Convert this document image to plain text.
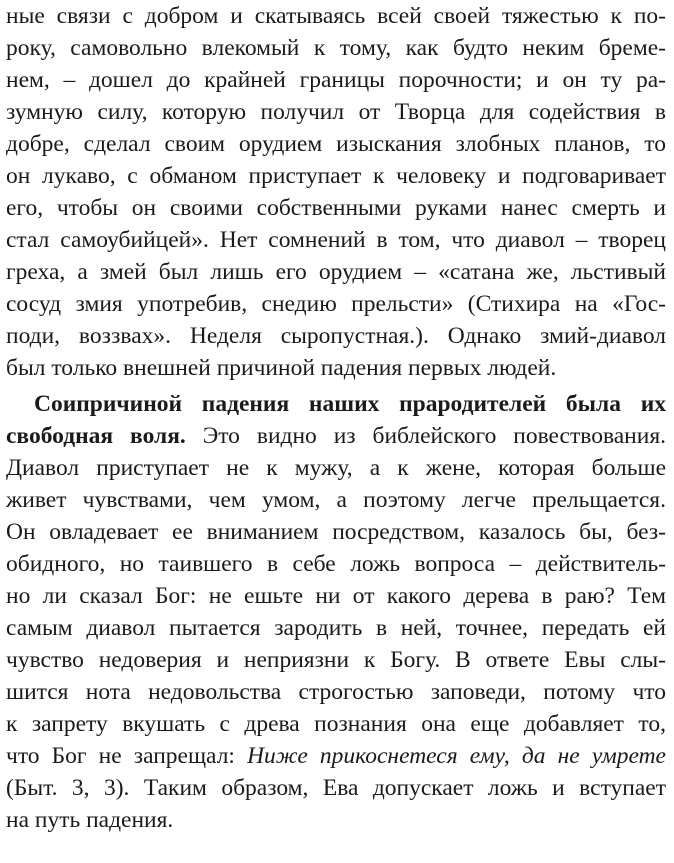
ные связи с добром и скатываясь всей своей тяжестью к по-
року, самовольно влекомый к тому, как будто неким бреме-
нем, – дошел до крайней границы порочности; и он ту ра-
зумную силу, которую получил от Творца для содействия в
добре, сделал своим орудием изыскания злобных планов, то
он лукаво, с обманом приступает к человеку и подговаривает
его, чтобы он своими собственными руками нанес смерть и
стал самоубийцей». Нет сомнений в том, что диавол – творец
греха, а змей был лишь его орудием – «сатана же, льстивый
сосуд змия употребив, снедию прельсти» (Стихира на «Гос-
поди, воззвах». Неделя сыропустная.). Однако змий-диавол
был только внешней причиной падения первых людей.
Соипричиной падения наших прародителей была их
свободная воля. Это видно из библейского повествования.
Диавол приступает не к мужу, а к жене, которая больше
живет чувствами, чем умом, а поэтому легче прельщается.
Он овладевает ее вниманием посредством, казалось бы, без-
обидного, но таившего в себе ложь вопроса – действитель-
но ли сказал Бог: не ешьте ни от какого дерева в раю? Тем
самым диавол пытается зародить в ней, точнее, передать ей
чувство недоверия и неприязни к Богу. В ответе Евы слы-
шится нота недовольства строгостью заповеди, потому что
к запрету вкушать с древа познания она еще добавляет то,
что Бог не запрещал: Ниже прикоснетеся ему, да не умрете
(Быт. 3, 3). Таким образом, Ева допускает ложь и вступает
на путь падения.
